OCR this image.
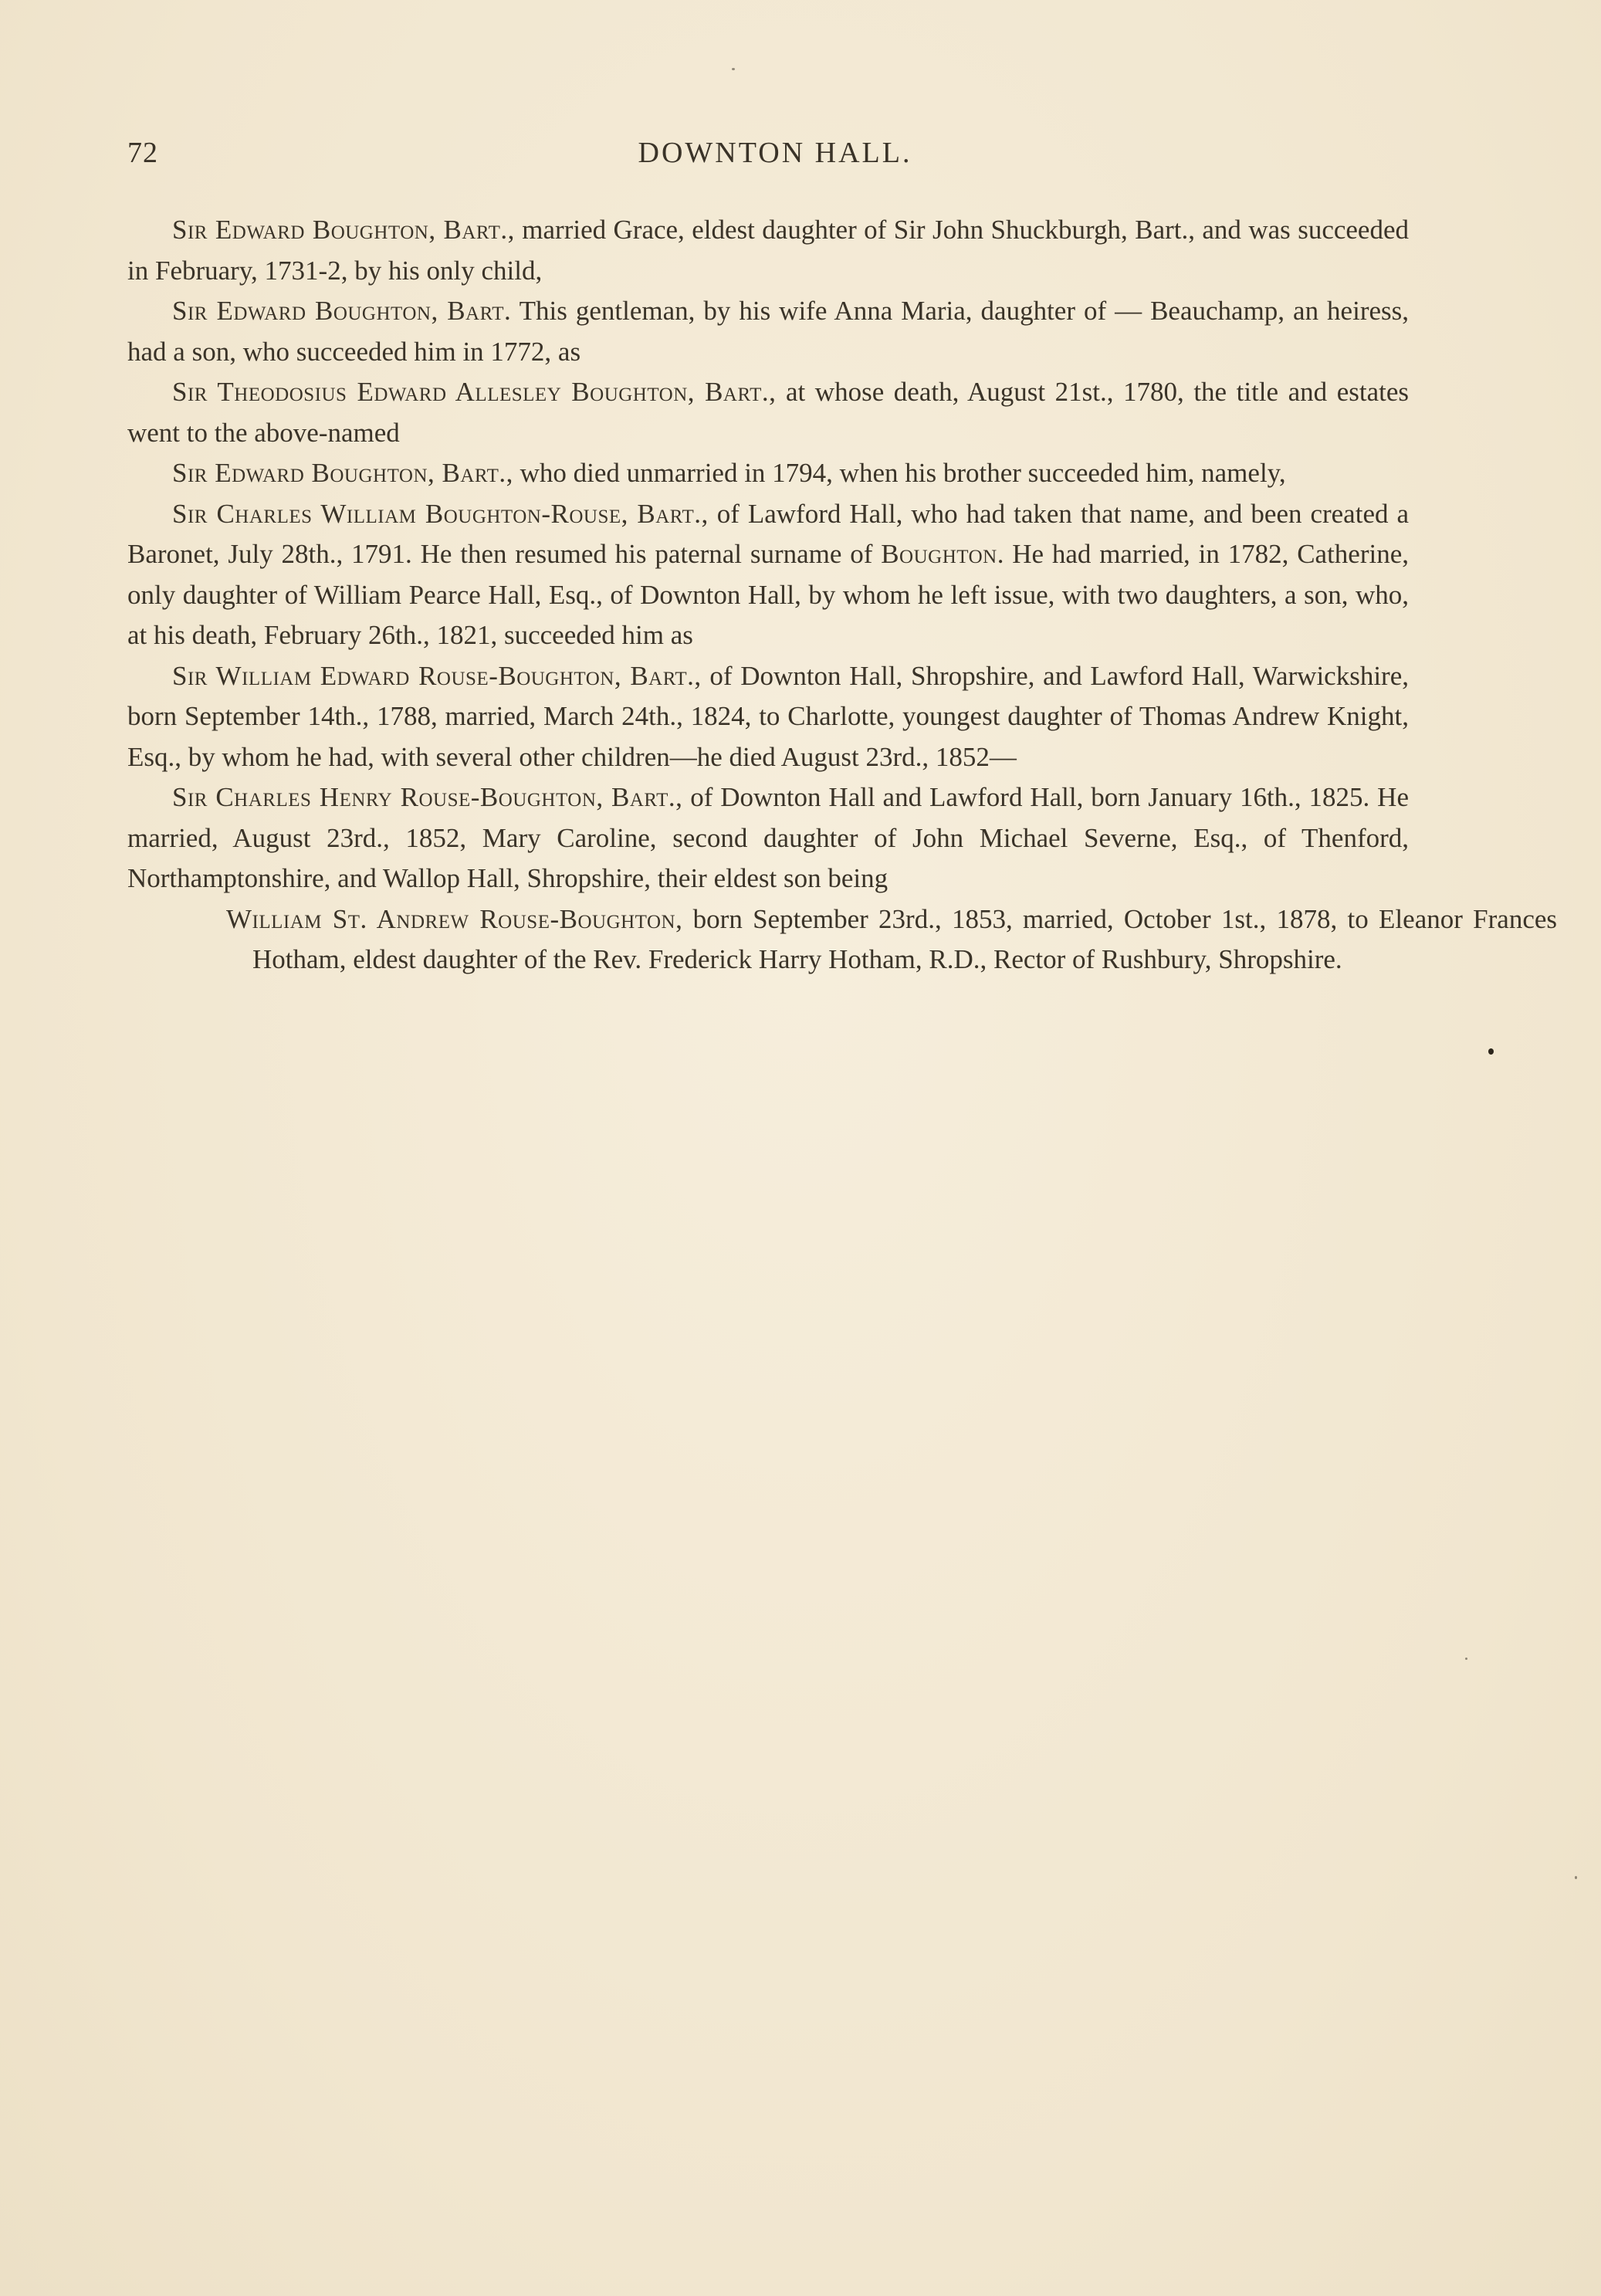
72	DOWNTON HALL.

Sir Edward Boughton, Bart., married Grace, eldest daughter of Sir John Shuckburgh, Bart., and was succeeded in February, 1731-2, by his only child,

Sir Edward Boughton, Bart. This gentleman, by his wife Anna Maria, daughter of — Beauchamp, an heiress, had a son, who succeeded him in 1772, as

Sir Theodosius Edward Allesley Boughton, Bart., at whose death, August 21st., 1780, the title and estates went to the above-named

Sir Edward Boughton, Bart., who died unmarried in 1794, when his brother succeeded him, namely,

Sir Charles William Boughton-Rouse, Bart., of Lawford Hall, who had taken that name, and been created a Baronet, July 28th., 1791. He then resumed his paternal surname of Boughton. He had married, in 1782, Catherine, only daughter of William Pearce Hall, Esq., of Downton Hall, by whom he left issue, with two daughters, a son, who, at his death, February 26th., 1821, succeeded him as

Sir William Edward Rouse-Boughton, Bart., of Downton Hall, Shropshire, and Lawford Hall, Warwickshire, born September 14th., 1788, married, March 24th., 1824, to Charlotte, youngest daughter of Thomas Andrew Knight, Esq., by whom he had, with several other children—he died August 23rd., 1852—

Sir Charles Henry Rouse-Boughton, Bart., of Downton Hall and Lawford Hall, born January 16th., 1825. He married, August 23rd., 1852, Mary Caroline, second daughter of John Michael Severne, Esq., of Thenford, Northamptonshire, and Wallop Hall, Shropshire, their eldest son being

William St. Andrew Rouse-Boughton, born September 23rd., 1853, married, October 1st., 1878, to Eleanor Frances Hotham, eldest daughter of the Rev. Frederick Harry Hotham, R.D., Rector of Rushbury, Shropshire.
